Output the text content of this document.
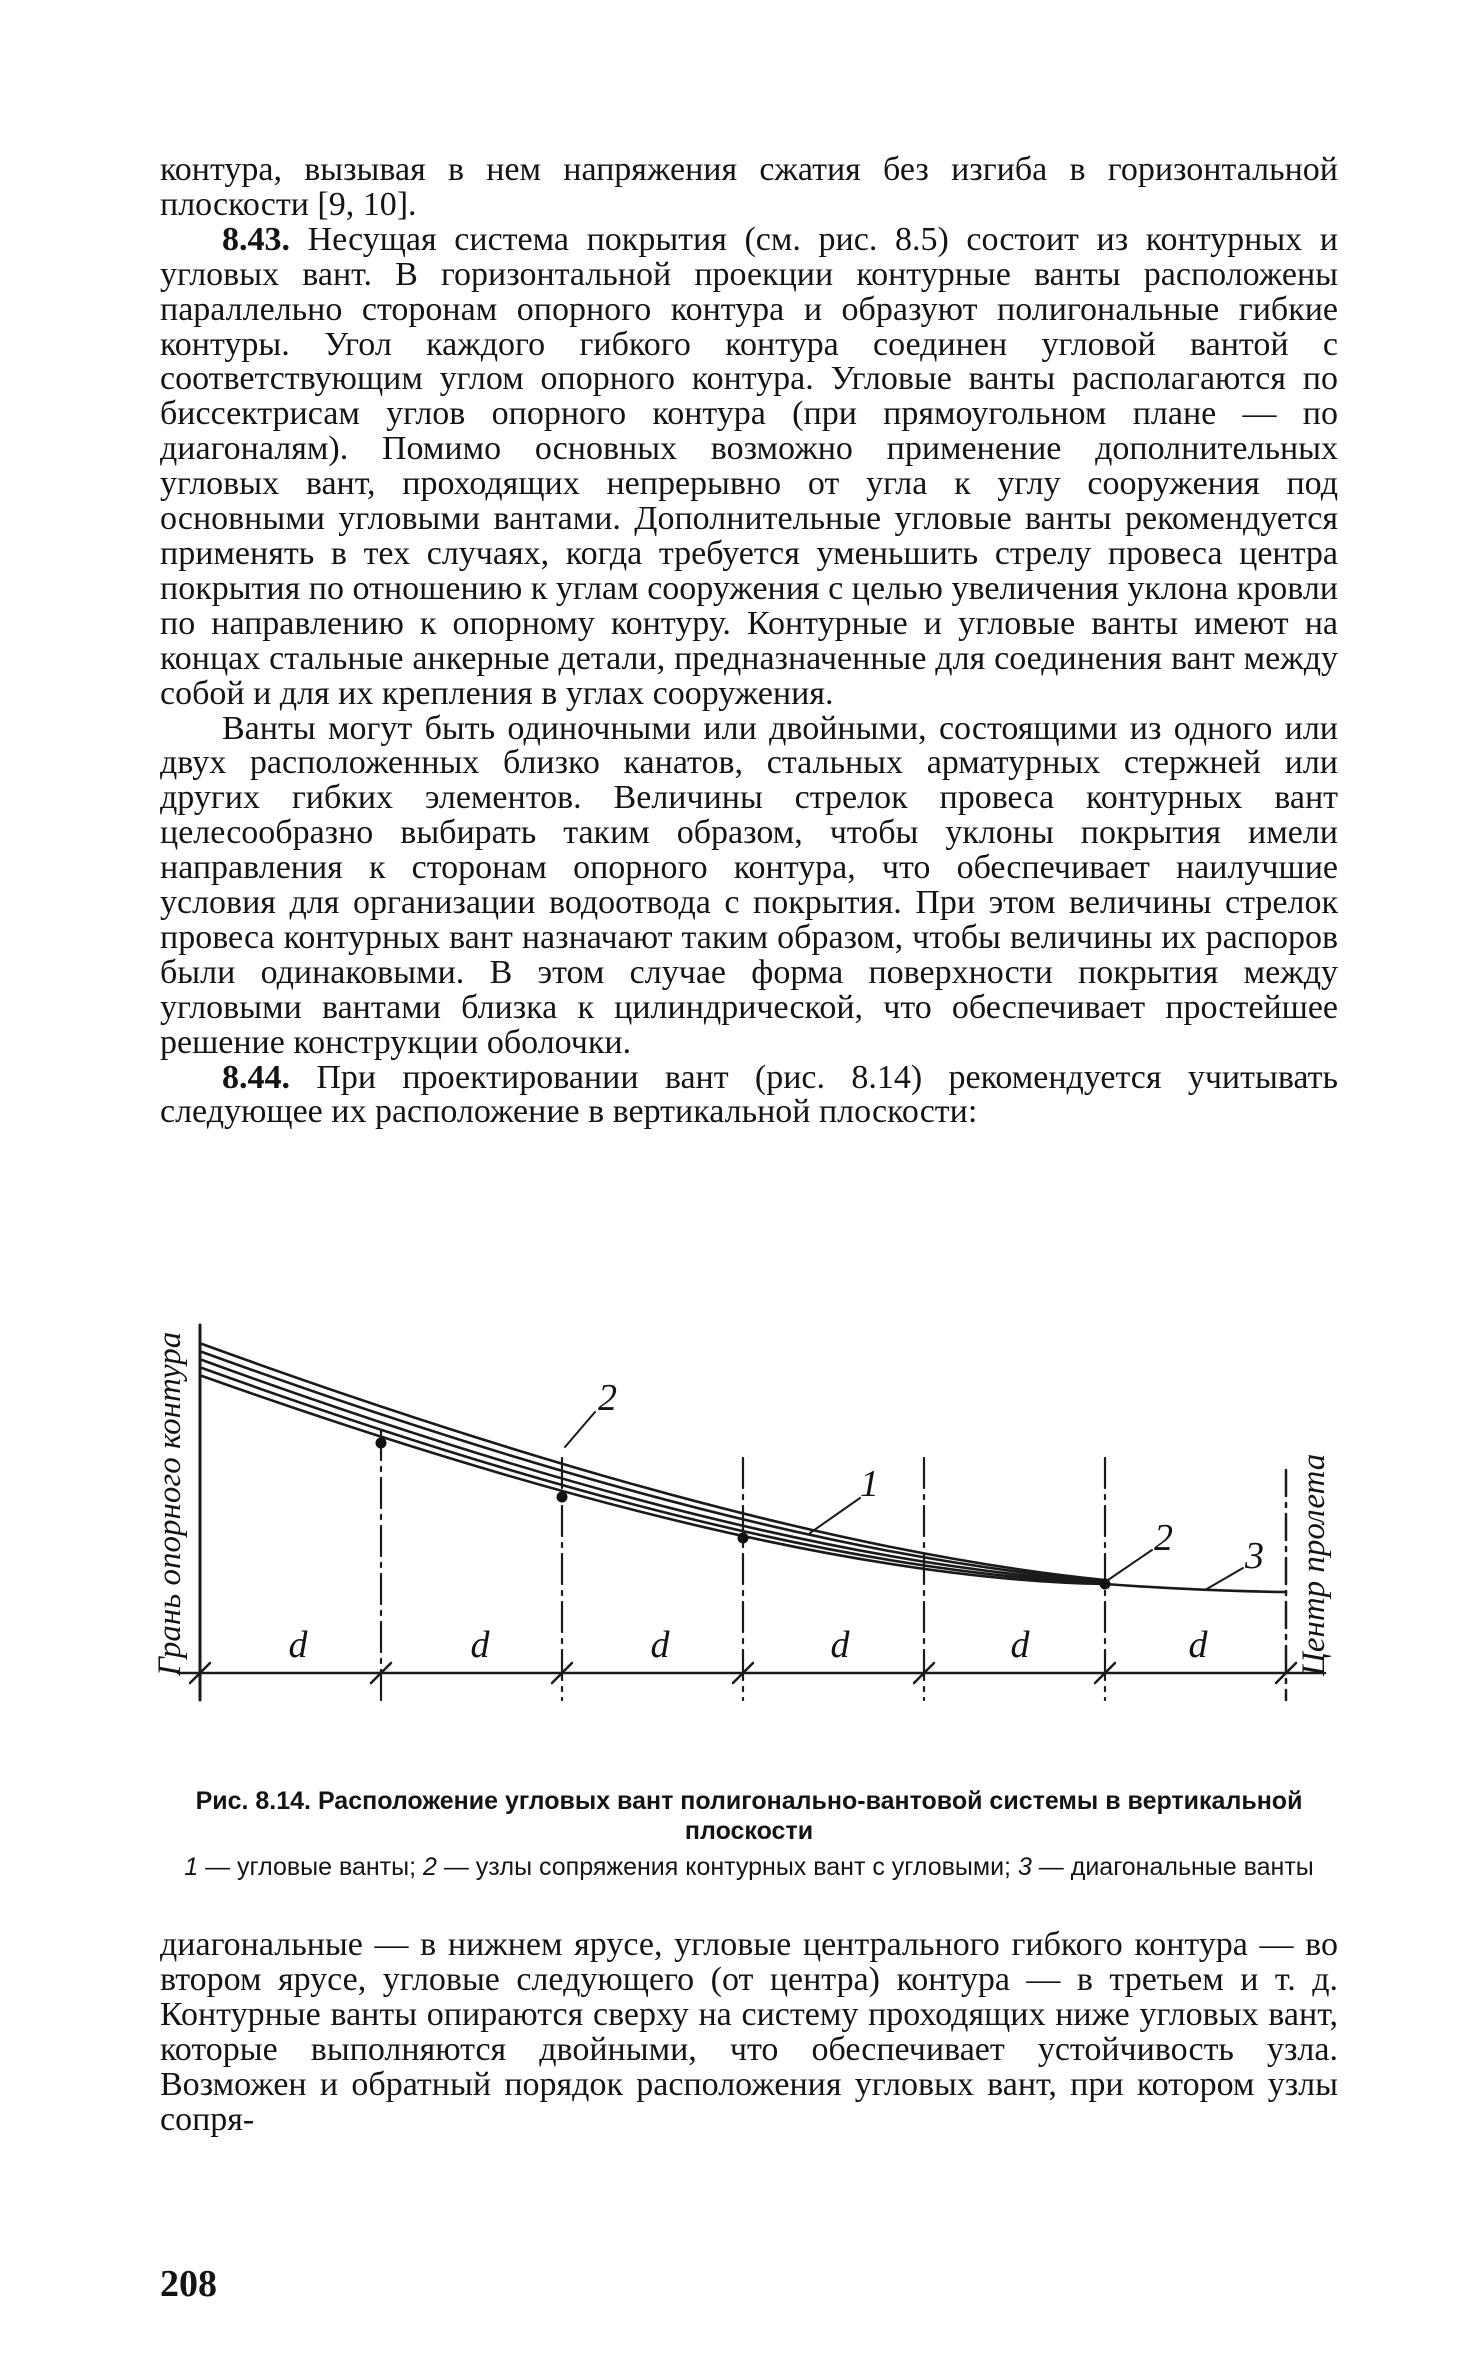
контура, вызывая в нем напряжения сжатия без изгиба в горизонтальной плоскости [9, 10].

8.43. Несущая система покрытия (см. рис. 8.5) состоит из контурных и угловых вант. В горизонтальной проекции контурные ванты расположены параллельно сторонам опорного контура и образуют полигональные гибкие контуры. Угол каждого гибкого контура соединен угловой вантой с соответствующим углом опорного контура. Угловые ванты располагаются по биссектрисам углов опорного контура (при прямоугольном плане — по диагоналям). Помимо основных возможно применение дополнительных угловых вант, проходящих непрерывно от угла к углу сооружения под основными угловыми вантами. Дополнительные угловые ванты рекомендуется применять в тех случаях, когда требуется уменьшить стрелу провеса центра покрытия по отношению к углам сооружения с целью увеличения уклона кровли по направлению к опорному контуру. Контурные и угловые ванты имеют на концах стальные анкерные детали, предназначенные для соединения вант между собой и для их крепления в углах сооружения.

Ванты могут быть одиночными или двойными, состоящими из одного или двух расположенных близко канатов, стальных арматурных стержней или других гибких элементов. Величины стрелок провеса контурных вант целесообразно выбирать таким образом, чтобы уклоны покрытия имели направления к сторонам опорного контура, что обеспечивает наилучшие условия для организации водоотвода с покрытия. При этом величины стрелок провеса контурных вант назначают таким образом, чтобы величины их распоров были одинаковыми. В этом случае форма поверхности покрытия между угловыми вантами близка к цилиндрической, что обеспечивает простейшее решение конструкции оболочки.

8.44. При проектировании вант (рис. 8.14) рекомендуется учитывать следующее их расположение в вертикальной плоскости:

2
1
2 3
d	d	d	d	d	d
Грань опорного контура	Центр пролета
Рис. 8.14. Расположение угловых вант полигонально-вантовой системы в вертикальной плоскости
1 — угловые ванты; 2 — узлы сопряжения контурных вант с угловыми; 3 — диагональные ванты

диагональные — в нижнем ярусе, угловые центрального гибкого контура — во втором ярусе, угловые следующего (от центра) контура — в третьем и т. д. Контурные ванты опираются сверху на систему проходящих ниже угловых вант, которые выполняются двойными, что обеспечивает устойчивость узла. Возможен и обратный порядок расположения угловых вант, при котором узлы сопря-

208
